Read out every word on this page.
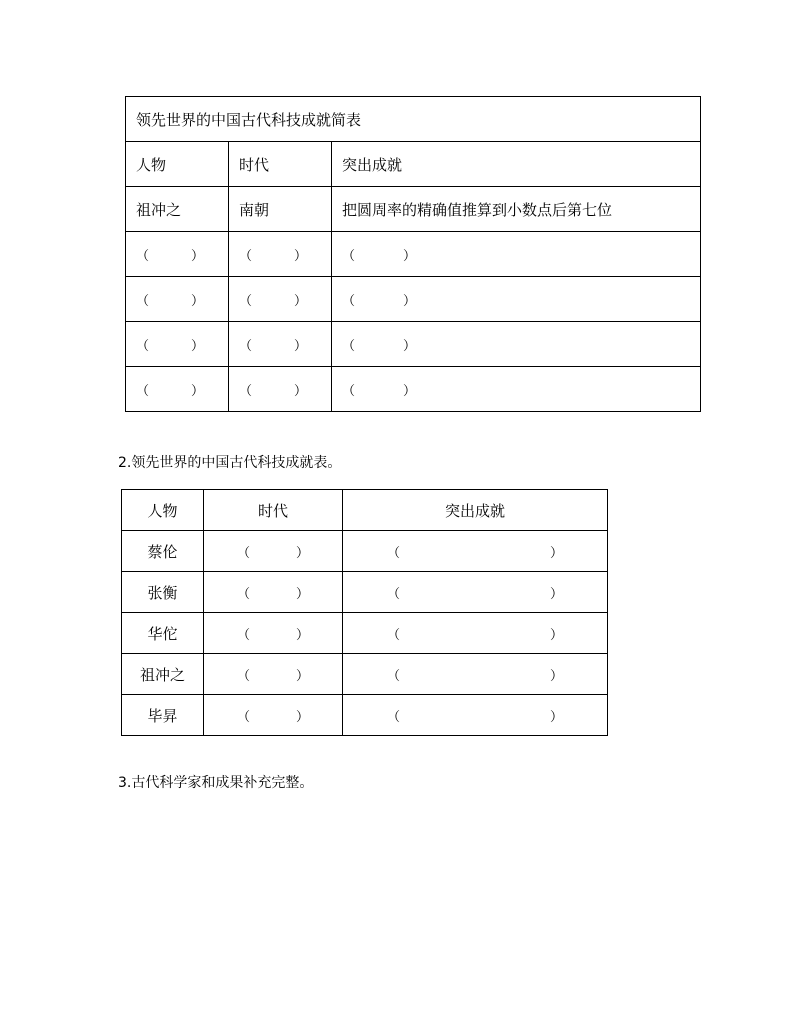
领先世界的中国古代科技成就简表		
人物	时代	突出成就
祖冲之	南朝	把圆周率的精确值推算到小数点后第七位
（ ）	（ ）	（ ）
（ ）	（ ）	（ ）
（ ）	（ ）	（ ）
（ ）	（ ）	（ ）
2.领先世界的中国古代科技成就表。
人物	时代	突出成就
蔡伦	（ ）	（ ）
张衡	（ ）	（ ）
华佗	（ ）	（ ）
祖冲之	（ ）	（ ）
毕昇	（ ）	（ ）
3.古代科学家和成果补充完整。
